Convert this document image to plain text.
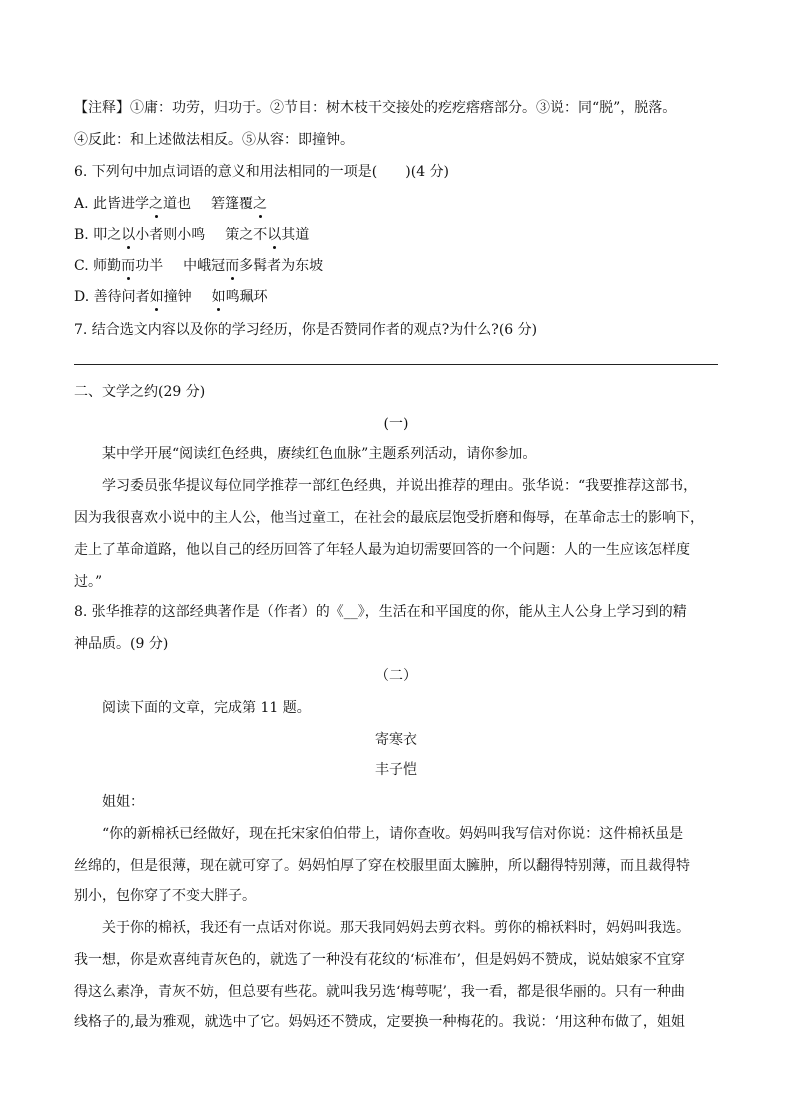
【注释】①庸：功劳，归功于。②节目：树木枝干交接处的疙疙瘩瘩部分。③说：同“脱”，脱落。
④反此：和上述做法相反。⑤从容：即撞钟。
6. 下列句中加点词语的意义和用法相同的一项是( )(4 分)
A. 此皆进学之道也 箬篷覆之
B. 叩之以小者则小鸣 策之不以其道
C. 师勤而功半 中峨冠而多髯者为东坡
D. 善待问者如撞钟 如鸣珮环
7. 结合选文内容以及你的学习经历，你是否赞同作者的观点?为什么?(6 分)
二、文学之约(29 分)
(一)
某中学开展“阅读红色经典，赓续红色血脉”主题系列活动，请你参加。
学习委员张华提议每位同学推荐一部红色经典，并说出推荐的理由。张华说：“我要推荐这部书，
因为我很喜欢小说中的主人公，他当过童工，在社会的最底层饱受折磨和侮辱，在革命志士的影响下，
走上了革命道路，他以自己的经历回答了年轻人最为迫切需要回答的一个问题：人的一生应该怎样度
过。”
8. 张华推荐的这部经典著作是（作者）的《__》，生活在和平国度的你，能从主人公身上学习到的精
神品质。(9 分)
（二）
阅读下面的文章，完成第 11 题。
寄寒衣
丰子恺
姐姐：
“你的新棉袄已经做好，现在托宋家伯伯带上，请你查收。妈妈叫我写信对你说：这件棉袄虽是
丝绵的，但是很薄，现在就可穿了。妈妈怕厚了穿在校服里面太臃肿，所以翻得特别薄，而且裁得特
别小，包你穿了不变大胖子。
关于你的棉袄，我还有一点话对你说。那天我同妈妈去剪衣料。剪你的棉袄料时，妈妈叫我选。
我一想，你是欢喜纯青灰色的，就选了一种没有花纹的‘标准布’，但是妈妈不赞成，说姑娘家不宜穿
得这么素净，青灰不妨，但总要有些花。就叫我另选‘梅萼呢’，我一看，都是很华丽的。只有一种曲
线格子的,最为雅观，就选中了它。妈妈还不赞成，定要换一种梅花的。我说：‘用这种布做了，姐姐
